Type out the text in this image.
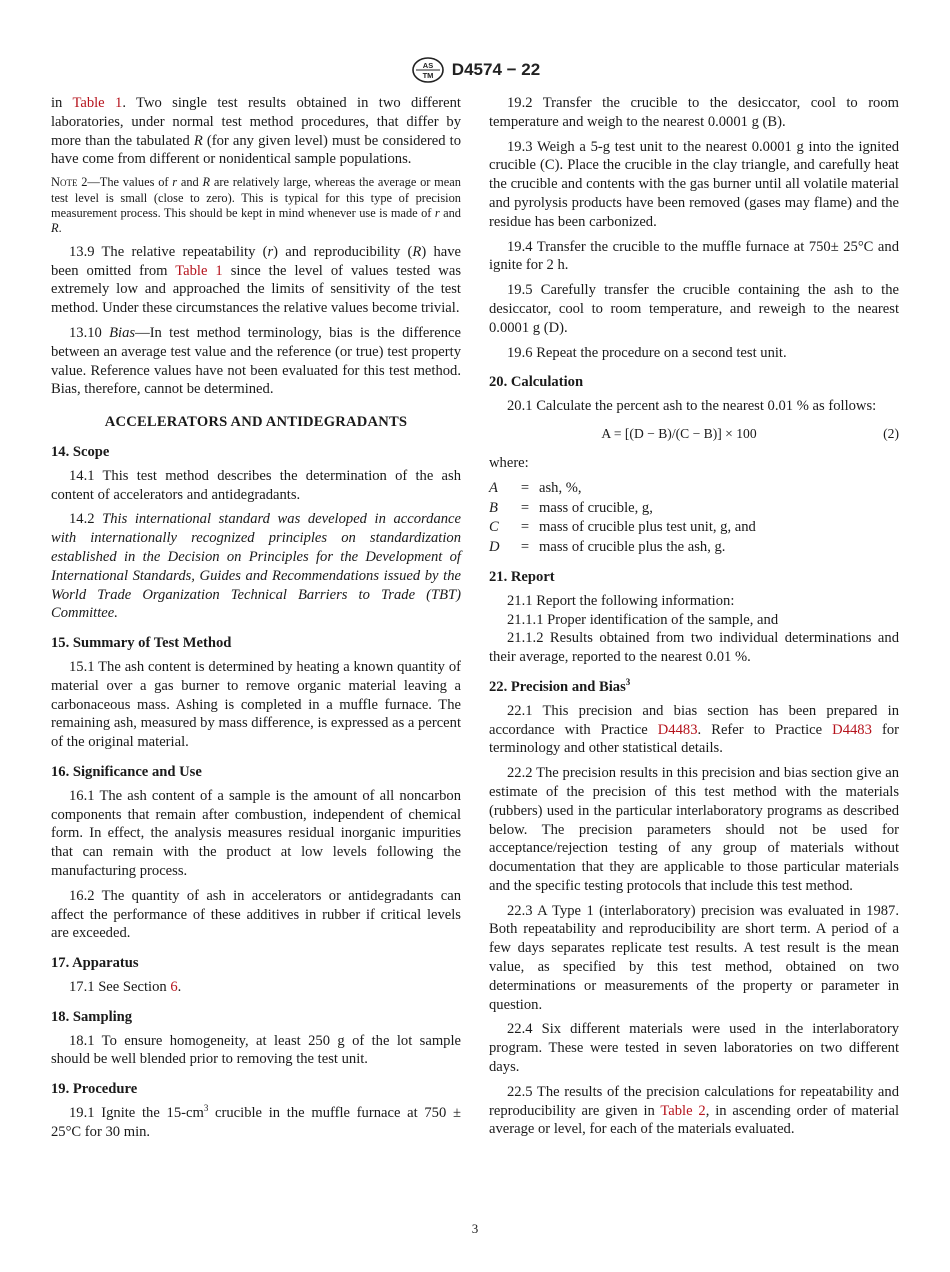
AS
TM D4574 − 22

in Table 1. Two single test results obtained in two different laboratories, under normal test method procedures, that differ by more than the tabulated R (for any given level) must be considered to have come from different or nonidentical sample populations.

Note 2—The values of r and R are relatively large, whereas the average or mean test level is small (close to zero). This is typical for this type of precision measurement process. This should be kept in mind whenever use is made of r and R.

13.9 The relative repeatability (r) and reproducibility (R) have been omitted from Table 1 since the level of values tested was extremely low and approached the limits of sensitivity of the test method. Under these circumstances the relative values become trivial.

13.10 Bias—In test method terminology, bias is the difference between an average test value and the reference (or true) test property value. Reference values have not been evaluated for this test method. Bias, therefore, cannot be determined.

ACCELERATORS AND ANTIDEGRADANTS

14. Scope

14.1 This test method describes the determination of the ash content of accelerators and antidegradants.

14.2 This international standard was developed in accordance with internationally recognized principles on standardization established in the Decision on Principles for the Development of International Standards, Guides and Recommendations issued by the World Trade Organization Technical Barriers to Trade (TBT) Committee.

15. Summary of Test Method

15.1 The ash content is determined by heating a known quantity of material over a gas burner to remove organic material leaving a carbonaceous mass. Ashing is completed in a muffle furnace. The remaining ash, measured by mass difference, is expressed as a percent of the original material.

16. Significance and Use

16.1 The ash content of a sample is the amount of all noncarbon components that remain after combustion, independent of chemical form. In effect, the analysis measures residual inorganic impurities that can remain with the product at low levels following the manufacturing process.

16.2 The quantity of ash in accelerators or antidegradants can affect the performance of these additives in rubber if critical levels are exceeded.

17. Apparatus

17.1 See Section 6.

18. Sampling

18.1 To ensure homogeneity, at least 250 g of the lot sample should be well blended prior to removing the test unit.

19. Procedure

19.1 Ignite the $15-cm^3$ crucible in the muffle furnace at 750 ± 25°C for 30 min.

19.2 Transfer the crucible to the desiccator, cool to room temperature and weigh to the nearest 0.0001 g (B).

19.3 Weigh a 5-g test unit to the nearest 0.0001 g into the ignited crucible (C). Place the crucible in the clay triangle, and carefully heat the crucible and contents with the gas burner until all volatile material and pyrolysis products have been removed (gases may flame) and the residue has been carbonized.

19.4 Transfer the crucible to the muffle furnace at 750± 25°C and ignite for 2 h.

19.5 Carefully transfer the crucible containing the ash to the desiccator, cool to room temperature, and reweigh to the nearest 0.0001 g (D).

19.6 Repeat the procedure on a second test unit.

20. Calculation

20.1 Calculate the percent ash to the nearest 0.01 % as follows:

A = [(D − B)/(C − B)] × 100	(2)

where:

A	= ash, %,
B	= mass of crucible, g,
C	= mass of crucible plus test unit, g, and
D	= mass of crucible plus the ash, g.

21. Report

21.1 Report the following information:

21.1.1 Proper identification of the sample, and

21.1.2 Results obtained from two individual determinations and their average, reported to the nearest 0.01 %.

22. Precision and Bias$^3$

22.1 This precision and bias section has been prepared in accordance with Practice D4483. Refer to Practice D4483 for terminology and other statistical details.

22.2 The precision results in this precision and bias section give an estimate of the precision of this test method with the materials (rubbers) used in the particular interlaboratory programs as described below. The precision parameters should not be used for acceptance/rejection testing of any group of materials without documentation that they are applicable to those particular materials and the specific testing protocols that include this test method.

22.3 A Type 1 (interlaboratory) precision was evaluated in 1987. Both repeatability and reproducibility are short term. A period of a few days separates replicate test results. A test result is the mean value, as specified by this test method, obtained on two determinations or measurements of the property or parameter in question.

22.4 Six different materials were used in the interlaboratory program. These were tested in seven laboratories on two different days.

22.5 The results of the precision calculations for repeatability and reproducibility are given in Table 2, in ascending order of material average or level, for each of the materials evaluated.

3
